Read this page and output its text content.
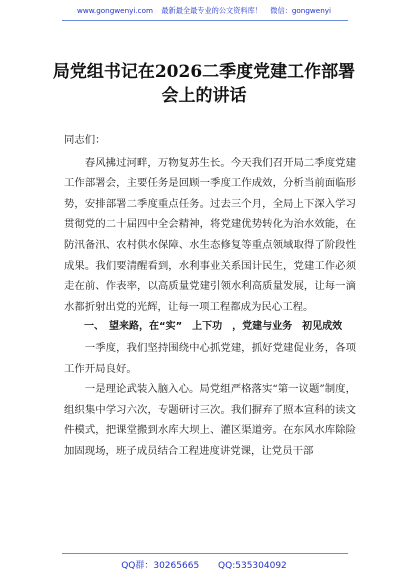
www.gongwenyi.com 最新最全最专业的公文资料库！ 微信：gongwenyi
局党组书记在2026二季度党建工作部署
会上的讲话

同志们：

春风拂过河畔，万物复苏生长。今天我们召开局二季度党建工作部署会，主要任务是回顾一季度工作成效，分析当前面临形势，安排部署二季度重点任务。过去三个月，全局上下深入学习贯彻党的二十届四中全会精神，将党建优势转化为治水效能，在防汛备汛、农村供水保障、水生态修复等重点领域取得了阶段性成果。我们要清醒看到，水利事业关系国计民生，党建工作必须走在前、作表率，以高质量党建引领水利高质量发展，让每一滴水都折射出党的光辉，让每一项工程都成为民心工程。

一、　望来路，在“实”　上下功　，党建与业务　初见成效

一季度，我们坚持围绕中心抓党建，抓好党建促业务，各项工作开局良好。

一是理论武装入脑入心。局党组严格落实“第一议题”制度，组织集中学习六次，专题研讨三次。我们摒弃了照本宣科的读文件模式，把课堂搬到水库大坝上、灌区渠道旁。在东风水库除险加固现场，班子成员结合工程进度讲党课，让党员干部

QQ群：30265665 QQ:535304092
